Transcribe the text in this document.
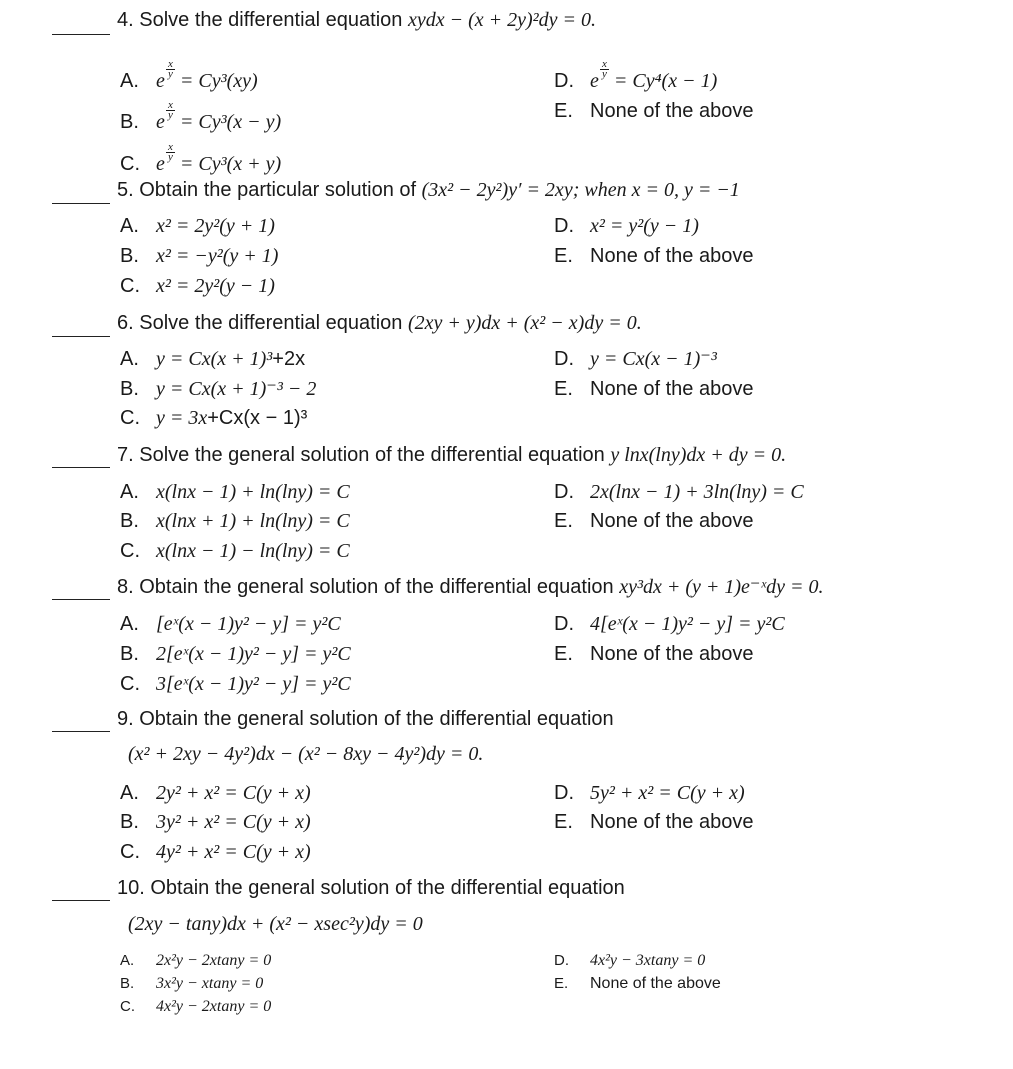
4. Solve the differential equation xydx − (x + 2y)²dy = 0.
A. e
$\frac{x}{y}$
= Cy³(xy)	D. e
$\frac{x}{y}$
= Cy⁴(x − 1)
B. e
$\frac{x}{y}$
= Cy³(x − y)	E. None of the above
C. e
$\frac{x}{y}$
= Cy³(x + y)
5. Obtain the particular solution of (3x² − 2y²)y′ = 2xy; when x = 0, y = −1
A. x² = 2y²(y + 1)	D. x² = y²(y − 1)
B. x² = −y²(y + 1)	E. None of the above
C. x² = 2y²(y − 1)
6. Solve the differential equation (2xy + y)dx + (x² − x)dy = 0.
A. y = Cx(x + 1)³+2x	D. y = Cx(x − 1)⁻³
B. y = Cx(x + 1)⁻³ − 2	E. None of the above
C. y = 3x+Cx(x − 1)³
7. Solve the general solution of the differential equation y lnx(lny)dx + dy = 0.
A. x(lnx − 1) + ln(lny) = C	D. 2x(lnx − 1) + 3ln(lny) = C
B. x(lnx + 1) + ln(lny) = C	E. None of the above
C. x(lnx − 1) − ln(lny) = C
8. Obtain the general solution of the differential equation xy³dx + (y + 1)e⁻ˣdy = 0.
A. [eˣ(x − 1)y² − y] = y²C	D. 4[eˣ(x − 1)y² − y] = y²C
B. 2[eˣ(x − 1)y² − y] = y²C	E. None of the above
C. 3[eˣ(x − 1)y² − y] = y²C
9. Obtain the general solution of the differential equation
(x² + 2xy − 4y²)dx − (x² − 8xy − 4y²)dy = 0.
A. 2y² + x² = C(y + x)	D. 5y² + x² = C(y + x)
B. 3y² + x² = C(y + x)	E. None of the above
C. 4y² + x² = C(y + x)
10. Obtain the general solution of the differential equation
(2xy − tany)dx + (x² − xsec²y)dy = 0
A. 2x²y − 2xtany = 0	D. 4x²y − 3xtany = 0
B. 3x²y − xtany = 0	E. None of the above
C. 4x²y − 2xtany = 0
